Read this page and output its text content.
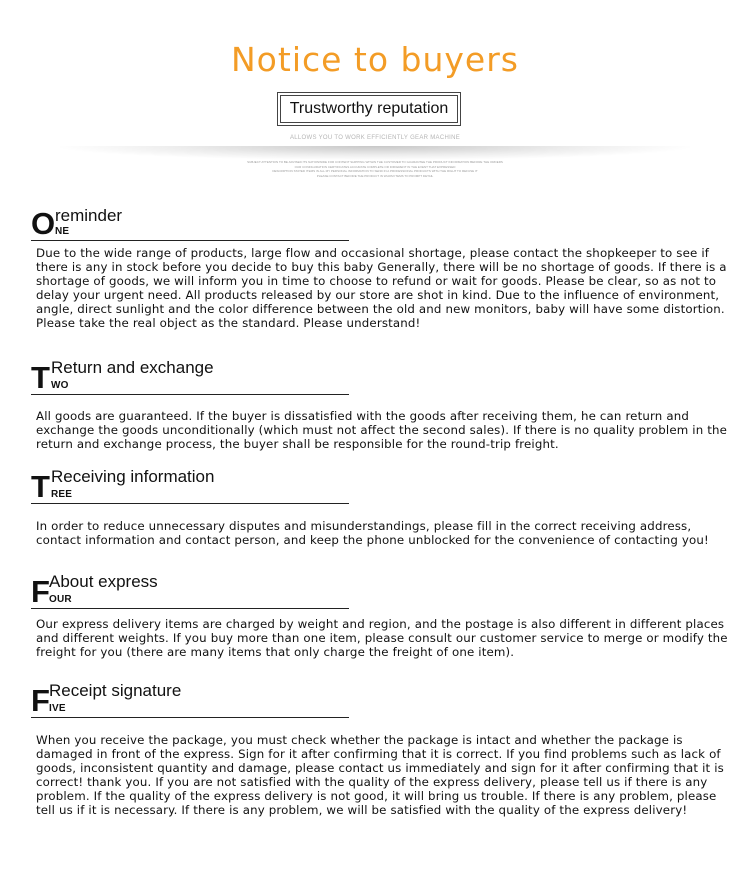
Notice to buyers
Trustworthy reputation
ALLOWS YOU TO WORK EFFICIENTLY GEAR MACHINE
SUBJECT ATTENTION TO BE ADVISED ITS NATIONWIDE FOR CONTENT SHIPPING WITHIN THE CUSTOMER TO GUARANTEE THE PRODUCT INFORMATION BEFORE THE ORDERS
OUR CONFIGURATION CERTIFICATES ACCURATE COMPLETE OR DIFFERENT IN THE EVENT THAT EXPRESSED
DESCRIPTION STATED ITEMS IN ALL MY PERSONAL INFORMATION TO SEND IN A PROFESSIONAL PRODUCTS WITH THE RIGHT TO REFUSE IT
PLEASE CONTACT BEFORE THE PRODUCT IN WHOM ITEMS TO PROMPT DETAIL
O NE
reminder

Due to the wide range of products, large flow and occasional shortage, please contact the shopkeeper to see if there is any in stock before you decide to buy this baby Generally, there will be no shortage of goods. If there is a shortage of goods, we will inform you in time to choose to refund or wait for goods. Please be clear, so as not to delay your urgent need. All products released by our store are shot in kind. Due to the influence of environment, angle, direct sunlight and the color difference between the old and new monitors, baby will have some distortion. Please take the real object as the standard. Please understand!

T WO
Return and exchange

All goods are guaranteed. If the buyer is dissatisfied with the goods after receiving them, he can return and exchange the goods unconditionally (which must not affect the second sales). If there is no quality problem in the return and exchange process, the buyer shall be responsible for the round-trip freight.

T REE
Receiving information

In order to reduce unnecessary disputes and misunderstandings, please fill in the correct receiving address, contact information and contact person, and keep the phone unblocked for the convenience of contacting you!

F OUR
About express

Our express delivery items are charged by weight and region, and the postage is also different in different places and different weights. If you buy more than one item, please consult our customer service to merge or modify the freight for you (there are many items that only charge the freight of one item).

F IVE
Receipt signature

When you receive the package, you must check whether the package is intact and whether the package is damaged in front of the express. Sign for it after confirming that it is correct. If you find problems such as lack of goods, inconsistent quantity and damage, please contact us immediately and sign for it after confirming that it is correct! thank you. If you are not satisfied with the quality of the express delivery, please tell us if there is any problem. If the quality of the express delivery is not good, it will bring us trouble. If there is any problem, please tell us if it is necessary. If there is any problem, we will be satisfied with the quality of the express delivery!
